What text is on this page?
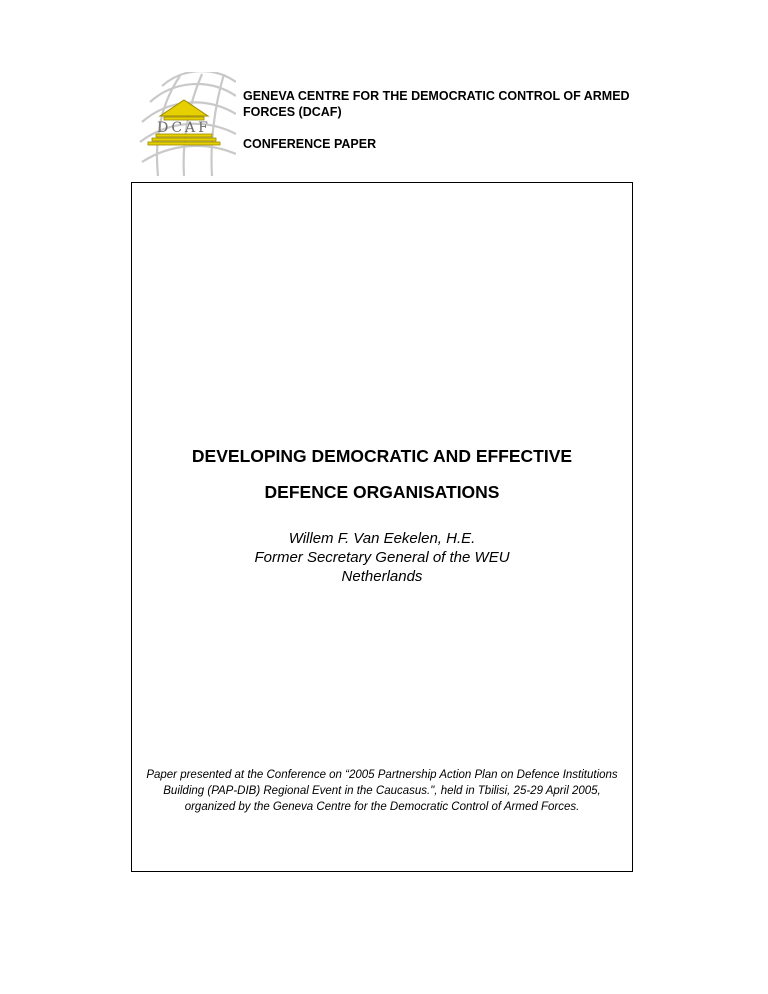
DCAF

GENEVA CENTRE FOR THE DEMOCRATIC CONTROL OF ARMED FORCES (DCAF)

CONFERENCE PAPER

DEVELOPING DEMOCRATIC AND EFFECTIVE

DEFENCE ORGANISATIONS

Willem F. Van Eekelen, H.E.
Former Secretary General of the WEU
Netherlands
Paper presented at the Conference on “2005 Partnership Action Plan on Defence Institutions Building (PAP-DIB) Regional Event in the Caucasus.", held in Tbilisi, 25-29 April 2005, organized by the Geneva Centre for the Democratic Control of Armed Forces.
